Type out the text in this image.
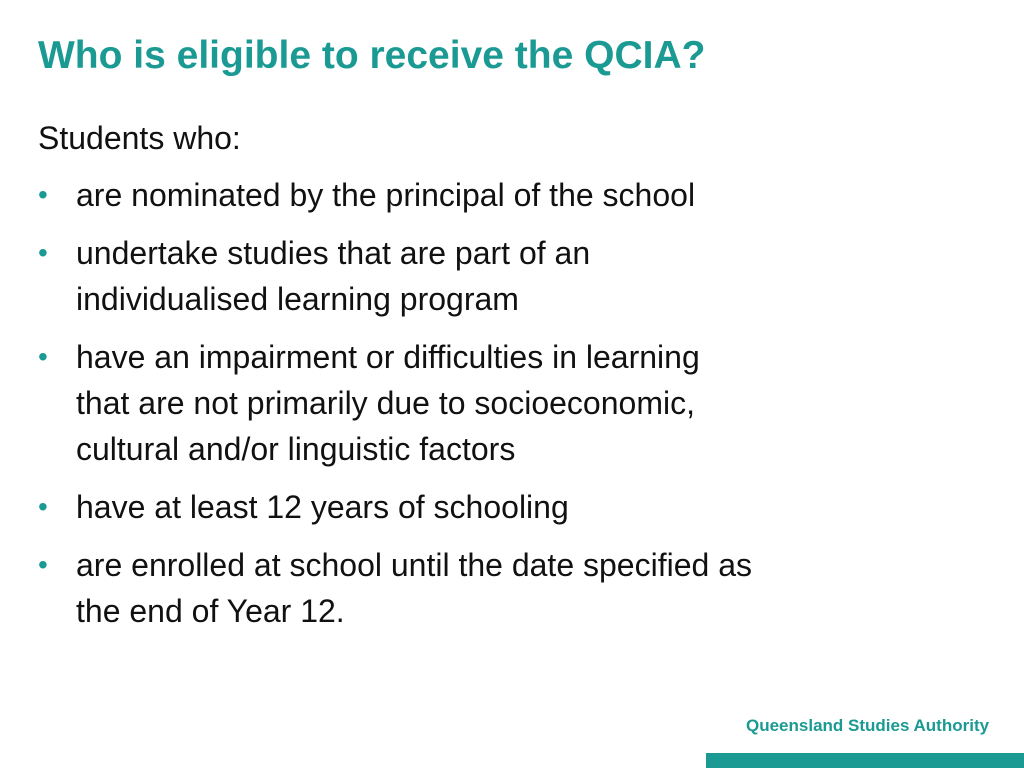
Who is eligible to receive the QCIA?

Students who:

• are nominated by the principal of the school
• undertake studies that are part of an
individualised learning program
• have an impairment or difficulties in learning
that are not primarily due to socioeconomic,
cultural and/or linguistic factors
• have at least 12 years of schooling
• are enrolled at school until the date specified as
the end of Year 12.
Queensland Studies Authority
